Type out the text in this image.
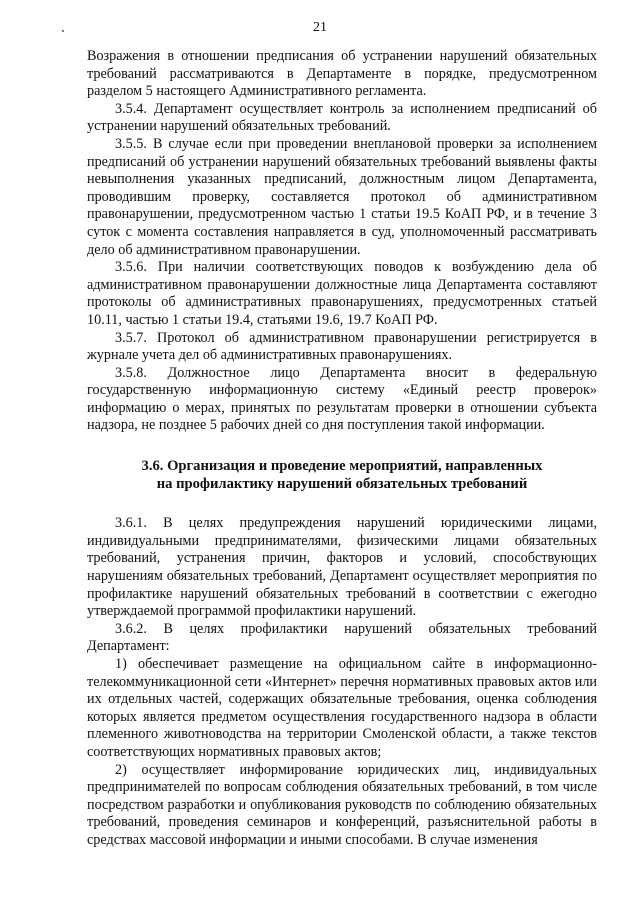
21

Возражения в отношении предписания об устранении нарушений обязательных требований рассматриваются в Департаменте в порядке, предусмотренном разделом 5 настоящего Административного регламента.

3.5.4. Департамент осуществляет контроль за исполнением предписаний об устранении нарушений обязательных требований.

3.5.5. В случае если при проведении внеплановой проверки за исполнением предписаний об устранении нарушений обязательных требований выявлены факты невыполнения указанных предписаний, должностным лицом Департамента, проводившим проверку, составляется протокол об административном правонарушении, предусмотренном частью 1 статьи 19.5 КоАП РФ, и в течение 3 суток с момента составления направляется в суд, уполномоченный рассматривать дело об административном правонарушении.

3.5.6. При наличии соответствующих поводов к возбуждению дела об административном правонарушении должностные лица Департамента составляют протоколы об административных правонарушениях, предусмотренных статьей 10.11, частью 1 статьи 19.4, статьями 19.6, 19.7 КоАП РФ.

3.5.7. Протокол об административном правонарушении регистрируется в журнале учета дел об административных правонарушениях.

3.5.8. Должностное лицо Департамента вносит в федеральную государственную информационную систему «Единый реестр проверок» информацию о мерах, принятых по результатам проверки в отношении субъекта надзора, не позднее 5 рабочих дней со дня поступления такой информации.

3.6. Организация и проведение мероприятий, направленных
на профилактику нарушений обязательных требований

3.6.1. В целях предупреждения нарушений юридическими лицами, индивидуальными предпринимателями, физическими лицами обязательных требований, устранения причин, факторов и условий, способствующих нарушениям обязательных требований, Департамент осуществляет мероприятия по профилактике нарушений обязательных требований в соответствии с ежегодно утверждаемой программой профилактики нарушений.

3.6.2. В целях профилактики нарушений обязательных требований Департамент:

1) обеспечивает размещение на официальном сайте в информационно-телекоммуникационной сети «Интернет» перечня нормативных правовых актов или их отдельных частей, содержащих обязательные требования, оценка соблюдения которых является предметом осуществления государственного надзора в области племенного животноводства на территории Смоленской области, а также текстов соответствующих нормативных правовых актов;

2) осуществляет информирование юридических лиц, индивидуальных предпринимателей по вопросам соблюдения обязательных требований, в том числе посредством разработки и опубликования руководств по соблюдению обязательных требований, проведения семинаров и конференций, разъяснительной работы в средствах массовой информации и иными способами. В случае изменения
